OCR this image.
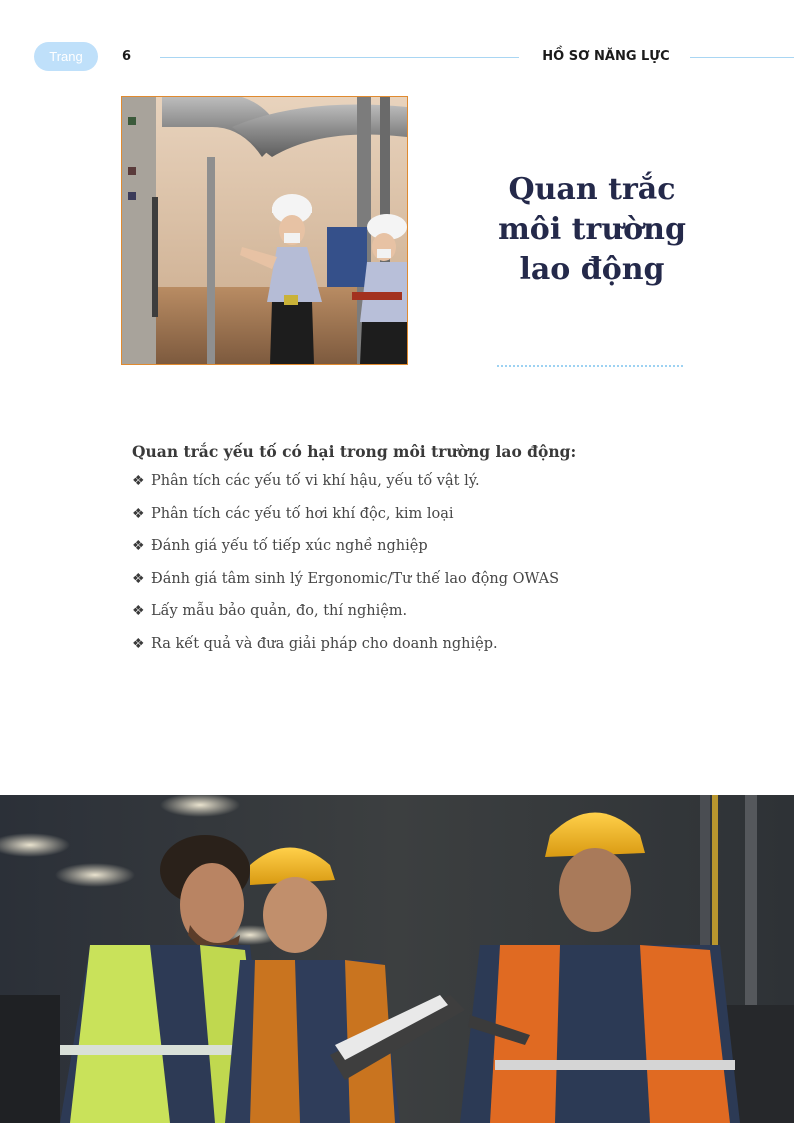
Trang	6	HỒ SƠ NĂNG LỰC
Quan trắc
môi trường
lao động
Quan trắc yếu tố có hại trong môi trường lao động:
❖ Phân tích các yếu tố vi khí hậu, yếu tố vật lý.
❖ Phân tích các yếu tố hơi khí độc, kim loại
❖ Đánh giá yếu tố tiếp xúc nghề nghiệp
❖ Đánh giá tâm sinh lý Ergonomic/Tư thế lao động OWAS
❖ Lấy mẫu bảo quản, đo, thí nghiệm.
❖ Ra kết quả và đưa giải pháp cho doanh nghiệp.
